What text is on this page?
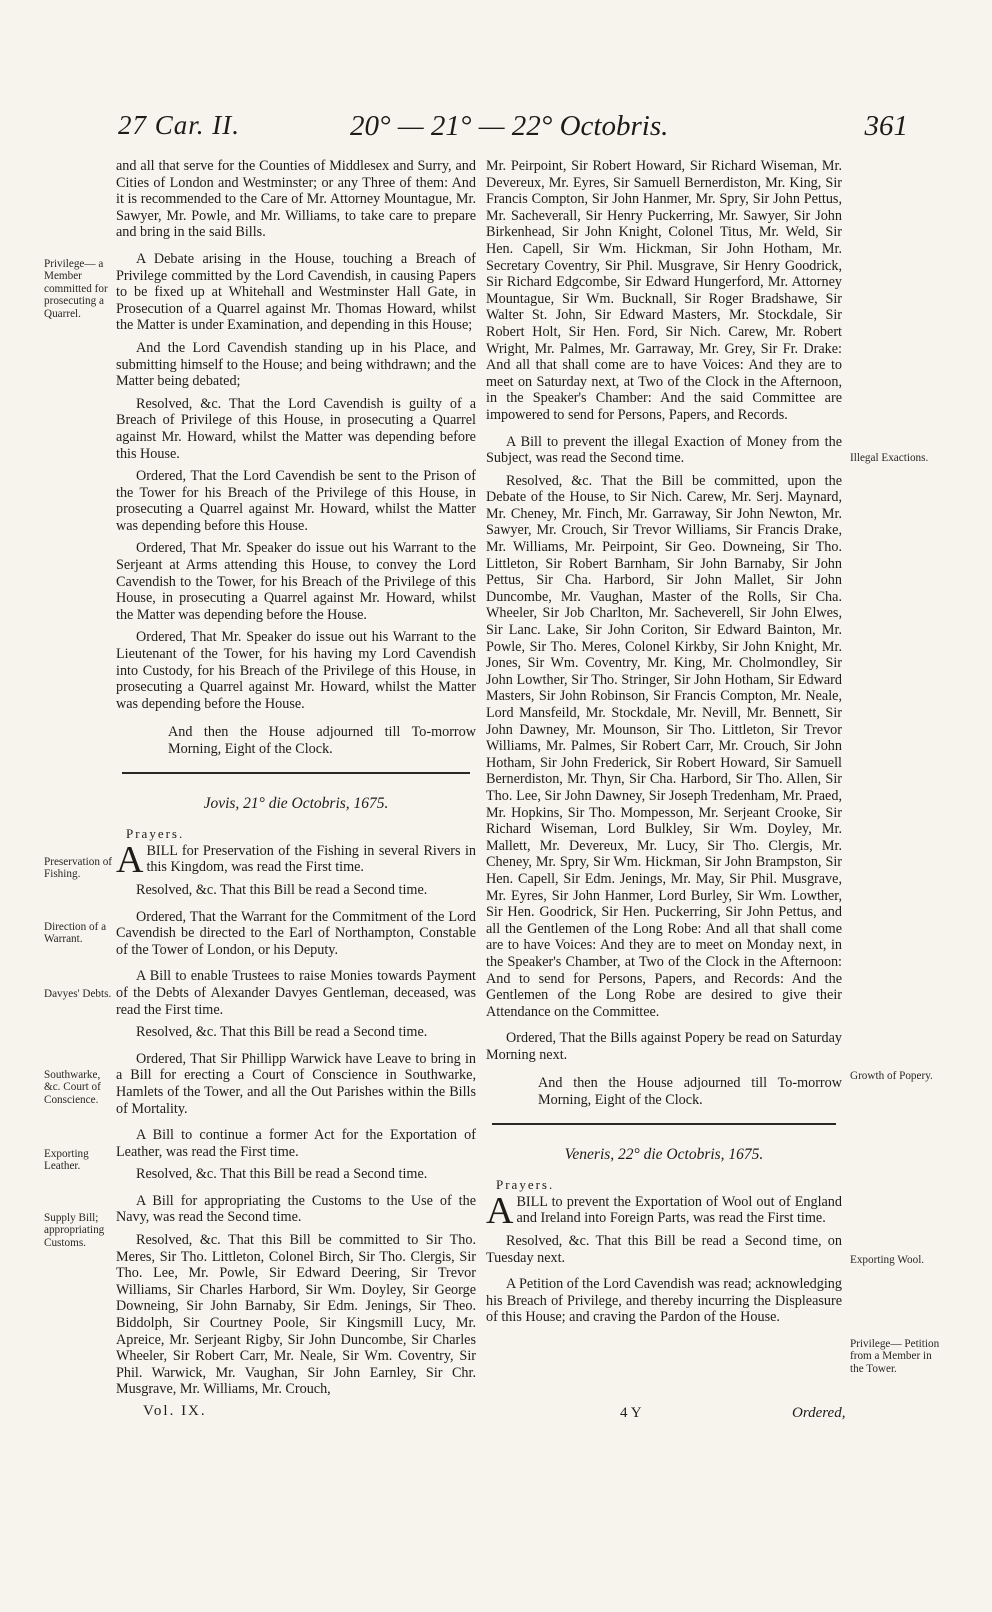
27 Car. II.	20° — 21° — 22° Octobris.	361
Privilege— a Member committed for prosecuting a Quarrel.
Preservation of Fishing.
Direction of a Warrant.
Davyes' Debts.
Southwarke, &c. Court of Conscience.
Exporting Leather.
Supply Bill; appropriating Customs.
Illegal Exactions.
Growth of Popery.
Exporting Wool.
Privilege— Petition from a Member in the Tower.

and all that serve for the Counties of Middlesex and Surry, and Cities of London and Westminster; or any Three of them: And it is recommended to the Care of Mr. Attorney Mountague, Mr. Sawyer, Mr. Powle, and Mr. Williams, to take care to prepare and bring in the said Bills.

A Debate arising in the House, touching a Breach of Privilege committed by the Lord Cavendish, in causing Papers to be fixed up at Whitehall and Westminster Hall Gate, in Prosecution of a Quarrel against Mr. Thomas Howard, whilst the Matter is under Examination, and depending in this House;

And the Lord Cavendish standing up in his Place, and submitting himself to the House; and being withdrawn; and the Matter being debated;

Resolved, &c. That the Lord Cavendish is guilty of a Breach of Privilege of this House, in prosecuting a Quarrel against Mr. Howard, whilst the Matter was depending before this House.

Ordered, That the Lord Cavendish be sent to the Prison of the Tower for his Breach of the Privilege of this House, in prosecuting a Quarrel against Mr. Howard, whilst the Matter was depending before this House.

Ordered, That Mr. Speaker do issue out his Warrant to the Serjeant at Arms attending this House, to convey the Lord Cavendish to the Tower, for his Breach of the Privilege of this House, in prosecuting a Quarrel against Mr. Howard, whilst the Matter was depending before the House.

Ordered, That Mr. Speaker do issue out his Warrant to the Lieutenant of the Tower, for his having my Lord Cavendish into Custody, for his Breach of the Privilege of this House, in prosecuting a Quarrel against Mr. Howard, whilst the Matter was depending before the House.

And then the House adjourned till To-morrow Morning, Eight of the Clock.

Jovis, 21° die Octobris, 1675.
Prayers.

ABILL for Preservation of the Fishing in several Rivers in this Kingdom, was read the First time.

Resolved, &c. That this Bill be read a Second time.

Ordered, That the Warrant for the Commitment of the Lord Cavendish be directed to the Earl of Northampton, Constable of the Tower of London, or his Deputy.

A Bill to enable Trustees to raise Monies towards Payment of the Debts of Alexander Davyes Gentleman, deceased, was read the First time.

Resolved, &c. That this Bill be read a Second time.

Ordered, That Sir Phillipp Warwick have Leave to bring in a Bill for erecting a Court of Conscience in Southwarke, Hamlets of the Tower, and all the Out Parishes within the Bills of Mortality.

A Bill to continue a former Act for the Exportation of Leather, was read the First time.

Resolved, &c. That this Bill be read a Second time.

A Bill for appropriating the Customs to the Use of the Navy, was read the Second time.

Resolved, &c. That this Bill be committed to Sir Tho. Meres, Sir Tho. Littleton, Colonel Birch, Sir Tho. Clergis, Sir Tho. Lee, Mr. Powle, Sir Edward Deering, Sir Trevor Williams, Sir Charles Harbord, Sir Wm. Doyley, Sir George Downeing, Sir John Barnaby, Sir Edm. Jenings, Sir Theo. Biddolph, Sir Courtney Poole, Sir Kingsmill Lucy, Mr. Apreice, Mr. Serjeant Rigby, Sir John Duncombe, Sir Charles Wheeler, Sir Robert Carr, Mr. Neale, Sir Wm. Coventry, Sir Phil. Warwick, Mr. Vaughan, Sir John Earnley, Sir Chr. Musgrave, Mr. Williams, Mr. Crouch,

Mr. Peirpoint, Sir Robert Howard, Sir Richard Wiseman, Mr. Devereux, Mr. Eyres, Sir Samuell Bernerdiston, Mr. King, Sir Francis Compton, Sir John Hanmer, Mr. Spry, Sir John Pettus, Mr. Sacheverall, Sir Henry Puckerring, Mr. Sawyer, Sir John Birkenhead, Sir John Knight, Colonel Titus, Mr. Weld, Sir Hen. Capell, Sir Wm. Hickman, Sir John Hotham, Mr. Secretary Coventry, Sir Phil. Musgrave, Sir Henry Goodrick, Sir Richard Edgcombe, Sir Edward Hungerford, Mr. Attorney Mountague, Sir Wm. Bucknall, Sir Roger Bradshawe, Sir Walter St. John, Sir Edward Masters, Mr. Stockdale, Sir Robert Holt, Sir Hen. Ford, Sir Nich. Carew, Mr. Robert Wright, Mr. Palmes, Mr. Garraway, Mr. Grey, Sir Fr. Drake: And all that shall come are to have Voices: And they are to meet on Saturday next, at Two of the Clock in the Afternoon, in the Speaker's Chamber: And the said Committee are impowered to send for Persons, Papers, and Records.

A Bill to prevent the illegal Exaction of Money from the Subject, was read the Second time.

Resolved, &c. That the Bill be committed, upon the Debate of the House, to Sir Nich. Carew, Mr. Serj. Maynard, Mr. Cheney, Mr. Finch, Mr. Garraway, Sir John Newton, Mr. Sawyer, Mr. Crouch, Sir Trevor Williams, Sir Francis Drake, Mr. Williams, Mr. Peirpoint, Sir Geo. Downeing, Sir Tho. Littleton, Sir Robert Barnham, Sir John Barnaby, Sir John Pettus, Sir Cha. Harbord, Sir John Mallet, Sir John Duncombe, Mr. Vaughan, Master of the Rolls, Sir Cha. Wheeler, Sir Job Charlton, Mr. Sacheverell, Sir John Elwes, Sir Lanc. Lake, Sir John Coriton, Sir Edward Bainton, Mr. Powle, Sir Tho. Meres, Colonel Kirkby, Sir John Knight, Mr. Jones, Sir Wm. Coventry, Mr. King, Mr. Cholmondley, Sir John Lowther, Sir Tho. Stringer, Sir John Hotham, Sir Edward Masters, Sir John Robinson, Sir Francis Compton, Mr. Neale, Lord Mansfeild, Mr. Stockdale, Mr. Nevill, Mr. Bennett, Sir John Dawney, Mr. Mounson, Sir Tho. Littleton, Sir Trevor Williams, Mr. Palmes, Sir Robert Carr, Mr. Crouch, Sir John Hotham, Sir John Frederick, Sir Robert Howard, Sir Samuell Bernerdiston, Mr. Thyn, Sir Cha. Harbord, Sir Tho. Allen, Sir Tho. Lee, Sir John Dawney, Sir Joseph Tredenham, Mr. Praed, Mr. Hopkins, Sir Tho. Mompesson, Mr. Serjeant Crooke, Sir Richard Wiseman, Lord Bulkley, Sir Wm. Doyley, Mr. Mallett, Mr. Devereux, Mr. Lucy, Sir Tho. Clergis, Mr. Cheney, Mr. Spry, Sir Wm. Hickman, Sir John Brampston, Sir Hen. Capell, Sir Edm. Jenings, Mr. May, Sir Phil. Musgrave, Mr. Eyres, Sir John Hanmer, Lord Burley, Sir Wm. Lowther, Sir Hen. Goodrick, Sir Hen. Puckerring, Sir John Pettus, and all the Gentlemen of the Long Robe: And all that shall come are to have Voices: And they are to meet on Monday next, in the Speaker's Chamber, at Two of the Clock in the Afternoon: And to send for Persons, Papers, and Records: And the Gentlemen of the Long Robe are desired to give their Attendance on the Committee.

Ordered, That the Bills against Popery be read on Saturday Morning next.

And then the House adjourned till To-morrow Morning, Eight of the Clock.

Veneris, 22° die Octobris, 1675.
Prayers.

ABILL to prevent the Exportation of Wool out of England and Ireland into Foreign Parts, was read the First time.

Resolved, &c. That this Bill be read a Second time, on Tuesday next.

A Petition of the Lord Cavendish was read; acknowledging his Breach of Privilege, and thereby incurring the Displeasure of this House; and craving the Pardon of the House.

Vol. IX.	4 Y	Ordered,
